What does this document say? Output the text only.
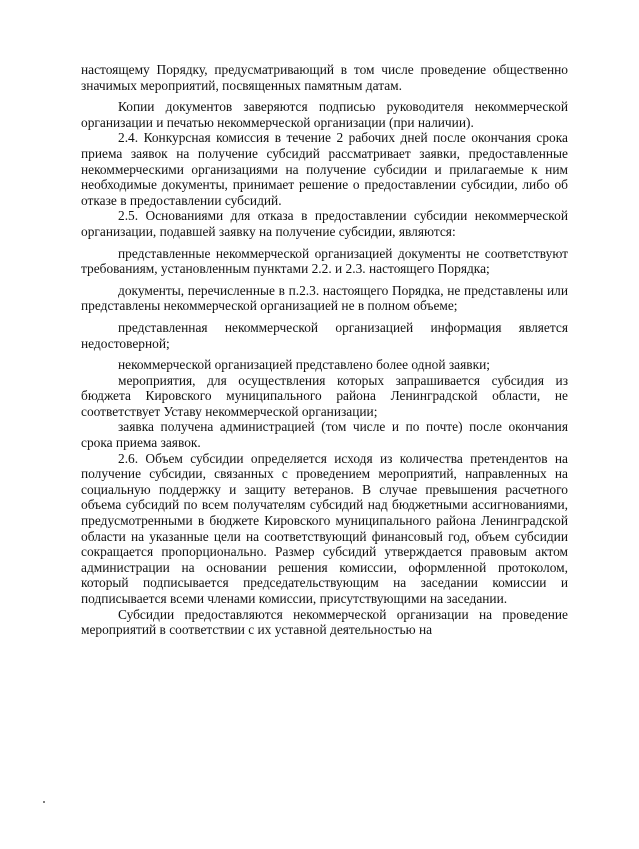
настоящему Порядку, предусматривающий в том числе проведение общественно значимых мероприятий, посвященных памятным датам.

Копии документов заверяются подписью руководителя некоммерческой организации и печатью некоммерческой организации (при наличии).

2.4. Конкурсная комиссия в течение 2 рабочих дней после окончания срока приема заявок на получение субсидий рассматривает заявки, предоставленные некоммерческими организациями на получение субсидии и прилагаемые к ним необходимые документы, принимает решение о предоставлении субсидии, либо об отказе в предоставлении субсидий.

2.5. Основаниями для отказа в предоставлении субсидии некоммерческой организации, подавшей заявку на получение субсидии, являются:

представленные некоммерческой организацией документы не соответствуют требованиям, установленным пунктами 2.2. и 2.3. настоящего Порядка;

документы, перечисленные в п.2.3. настоящего Порядка, не представлены или представлены некоммерческой организацией не в полном объеме;

представленная некоммерческой организацией информация является недостоверной;

некоммерческой организацией представлено более одной заявки;

мероприятия, для осуществления которых запрашивается субсидия из бюджета Кировского муниципального района Ленинградской области, не соответствует Уставу некоммерческой организации;

заявка получена администрацией (том числе и по почте) после окончания срока приема заявок.

2.6. Объем субсидии определяется исходя из количества претендентов на получение субсидии, связанных с проведением мероприятий, направленных на социальную поддержку и защиту ветеранов. В случае превышения расчетного объема субсидий по всем получателям субсидий над бюджетными ассигнованиями, предусмотренными в бюджете Кировского муниципального района Ленинградской области на указанные цели на соответствующий финансовый год, объем субсидии сокращается пропорционально. Размер субсидий утверждается правовым актом администрации на основании решения комиссии, оформленной протоколом, который подписывается председательствующим на заседании комиссии и подписывается всеми членами комиссии, присутствующими на заседании.

Субсидии предоставляются некоммерческой организации на проведение мероприятий в соответствии с их уставной деятельностью на
